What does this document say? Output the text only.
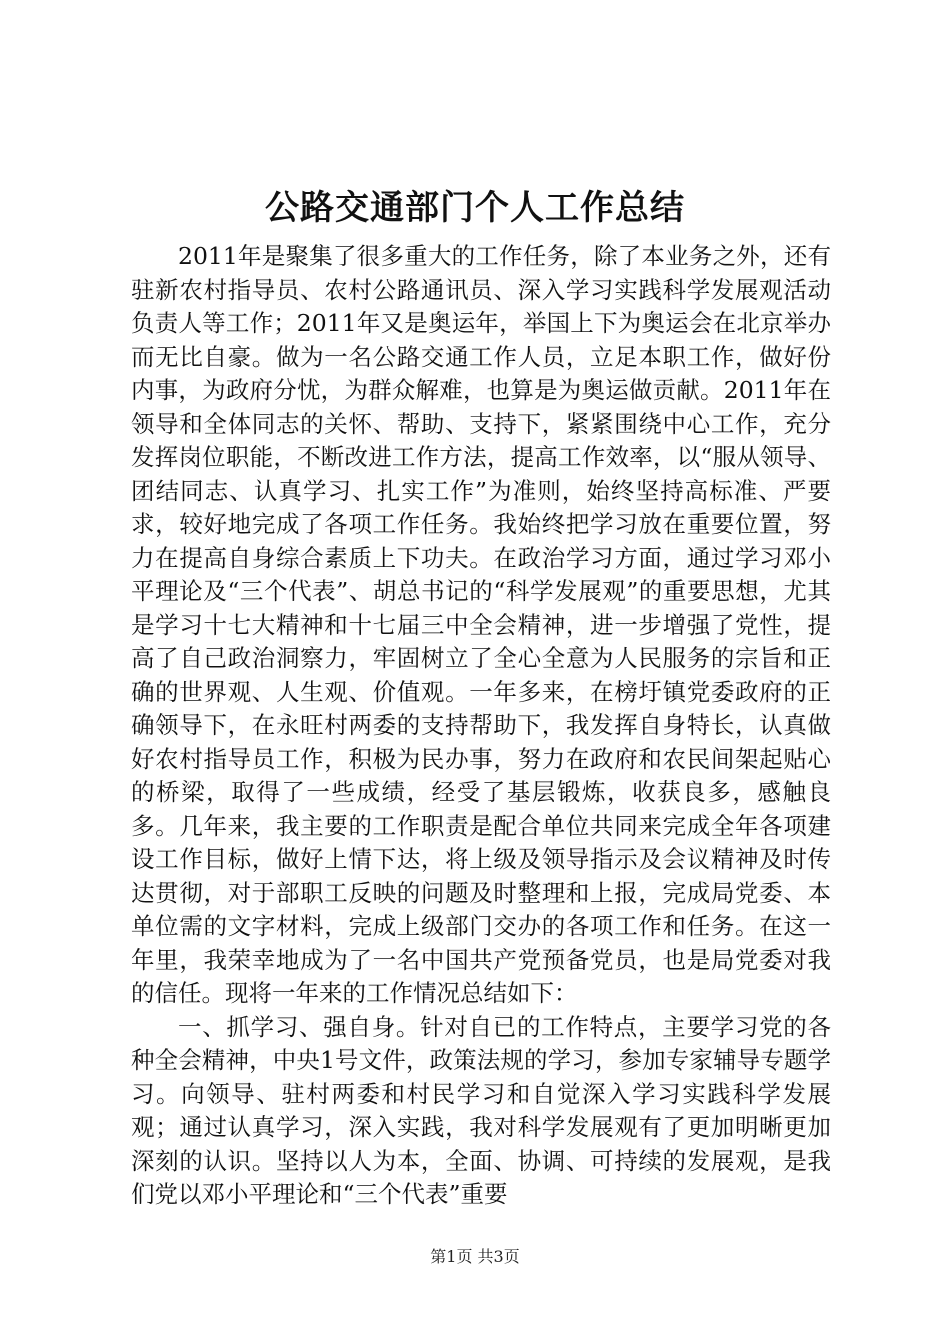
公路交通部门个人工作总结

2011年是聚集了很多重大的工作任务，除了本业务之外，还有驻新农村指导员、农村公路通讯员、深入学习实践科学发展观活动负责人等工作；2011年又是奥运年，举国上下为奥运会在北京举办而无比自豪。做为一名公路交通工作人员，立足本职工作，做好份内事，为政府分忧，为群众解难，也算是为奥运做贡献。2011年在领导和全体同志的关怀、帮助、支持下，紧紧围绕中心工作，充分发挥岗位职能，不断改进工作方法，提高工作效率，以“服从领导、团结同志、认真学习、扎实工作”为准则，始终坚持高标准、严要求，较好地完成了各项工作任务。我始终把学习放在重要位置，努力在提高自身综合素质上下功夫。在政治学习方面，通过学习邓小平理论及“三个代表”、胡总书记的“科学发展观”的重要思想，尤其是学习十七大精神和十七届三中全会精神，进一步增强了党性，提高了自己政治洞察力，牢固树立了全心全意为人民服务的宗旨和正确的世界观、人生观、价值观。一年多来，在榜圩镇党委政府的正确领导下，在永旺村两委的支持帮助下，我发挥自身特长，认真做好农村指导员工作，积极为民办事，努力在政府和农民间架起贴心的桥梁，取得了一些成绩，经受了基层锻炼，收获良多，感触良多。几年来，我主要的工作职责是配合单位共同来完成全年各项建设工作目标，做好上情下达，将上级及领导指示及会议精神及时传达贯彻，对于部职工反映的问题及时整理和上报，完成局党委、本单位需的文字材料，完成上级部门交办的各项工作和任务。在这一年里，我荣幸地成为了一名中国共产党预备党员，也是局党委对我的信任。现将一年来的工作情况总结如下：

一、抓学习、强自身。针对自已的工作特点，主要学习党的各种全会精神，中央1号文件，政策法规的学习，参加专家辅导专题学习。向领导、驻村两委和村民学习和自觉深入学习实践科学发展观；通过认真学习，深入实践，我对科学发展观有了更加明晰更加深刻的认识。坚持以人为本，全面、协调、可持续的发展观，是我们党以邓小平理论和“三个代表”重要

第1页 共3页
